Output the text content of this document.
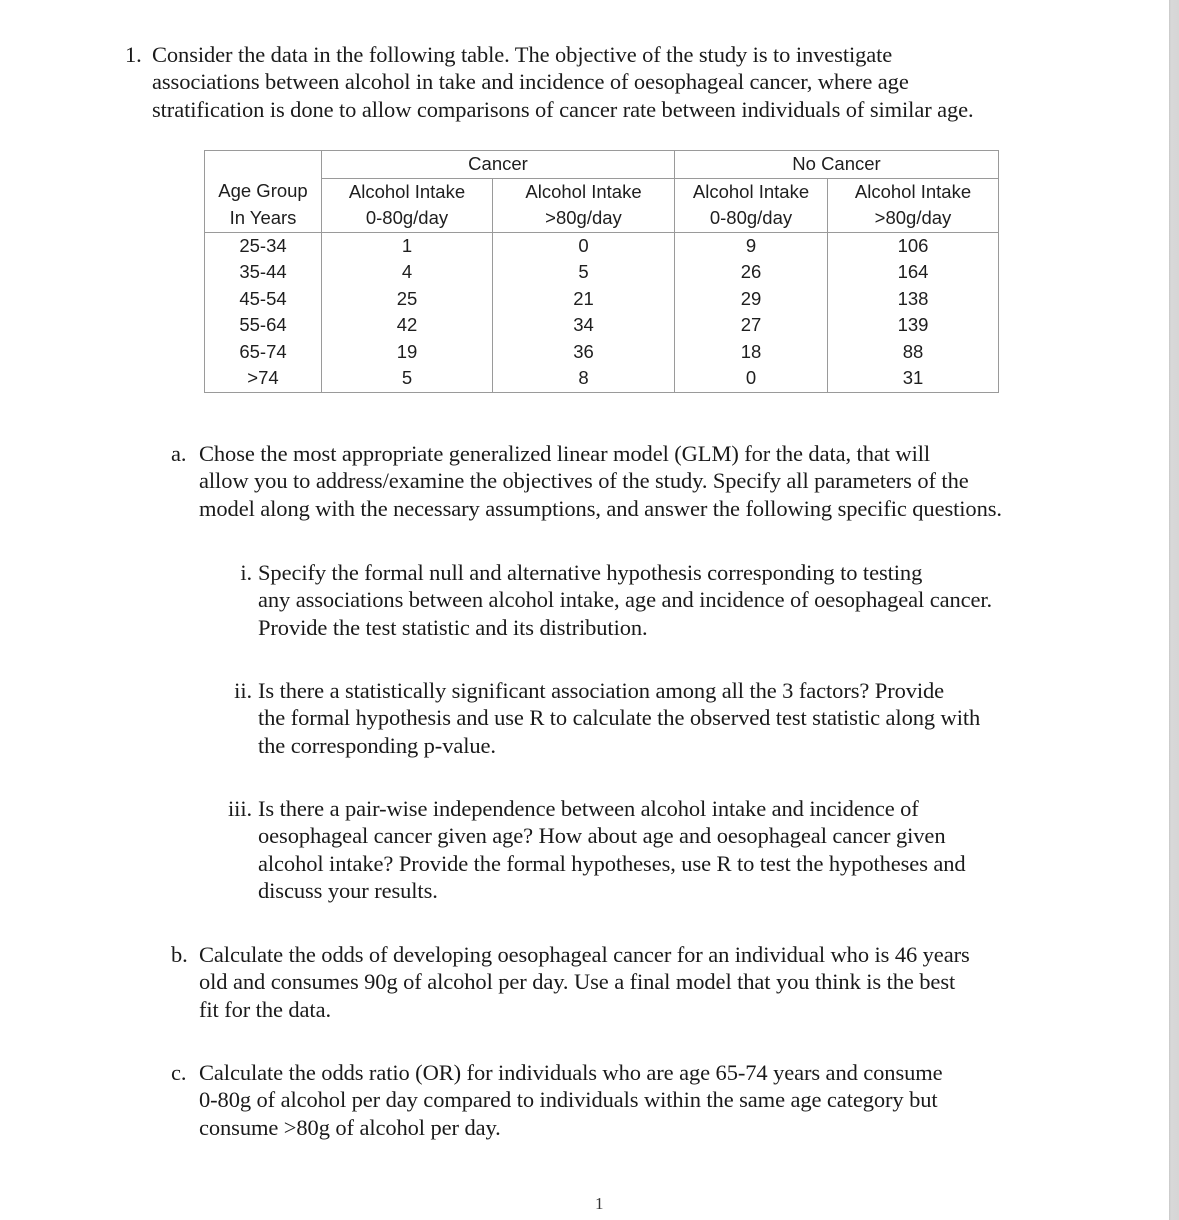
1. Consider the data in the following table. The objective of the study is to investigate
associations between alcohol in take and incidence of oesophageal cancer, where age
stratification is done to allow comparisons of cancer rate between individuals of similar age.
	Cancer		No Cancer	
Age Group	Alcohol Intake	Alcohol Intake	Alcohol Intake	Alcohol Intake
In Years	0-80g/day	>80g/day	0-80g/day	>80g/day
25-34	1	0	9	106
35-44	4	5	26	164
45-54	25	21	29	138
55-64	42	34	27	139
65-74	19	36	18	88
>74	5	8	0	31
a. Chose the most appropriate generalized linear model (GLM) for the data, that will
allow you to address/examine the objectives of the study. Specify all parameters of the
model along with the necessary assumptions, and answer the following specific questions.
i. Specify the formal null and alternative hypothesis corresponding to testing
any associations between alcohol intake, age and incidence of oesophageal cancer.
Provide the test statistic and its distribution.
ii. Is there a statistically significant association among all the 3 factors? Provide
the formal hypothesis and use R to calculate the observed test statistic along with
the corresponding p-value.
iii. Is there a pair-wise independence between alcohol intake and incidence of
oesophageal cancer given age? How about age and oesophageal cancer given
alcohol intake? Provide the formal hypotheses, use R to test the hypotheses and
discuss your results.
b. Calculate the odds of developing oesophageal cancer for an individual who is 46 years
old and consumes 90g of alcohol per day. Use a final model that you think is the best
fit for the data.
c. Calculate the odds ratio (OR) for individuals who are age 65-74 years and consume
0-80g of alcohol per day compared to individuals within the same age category but
consume >80g of alcohol per day.
1
